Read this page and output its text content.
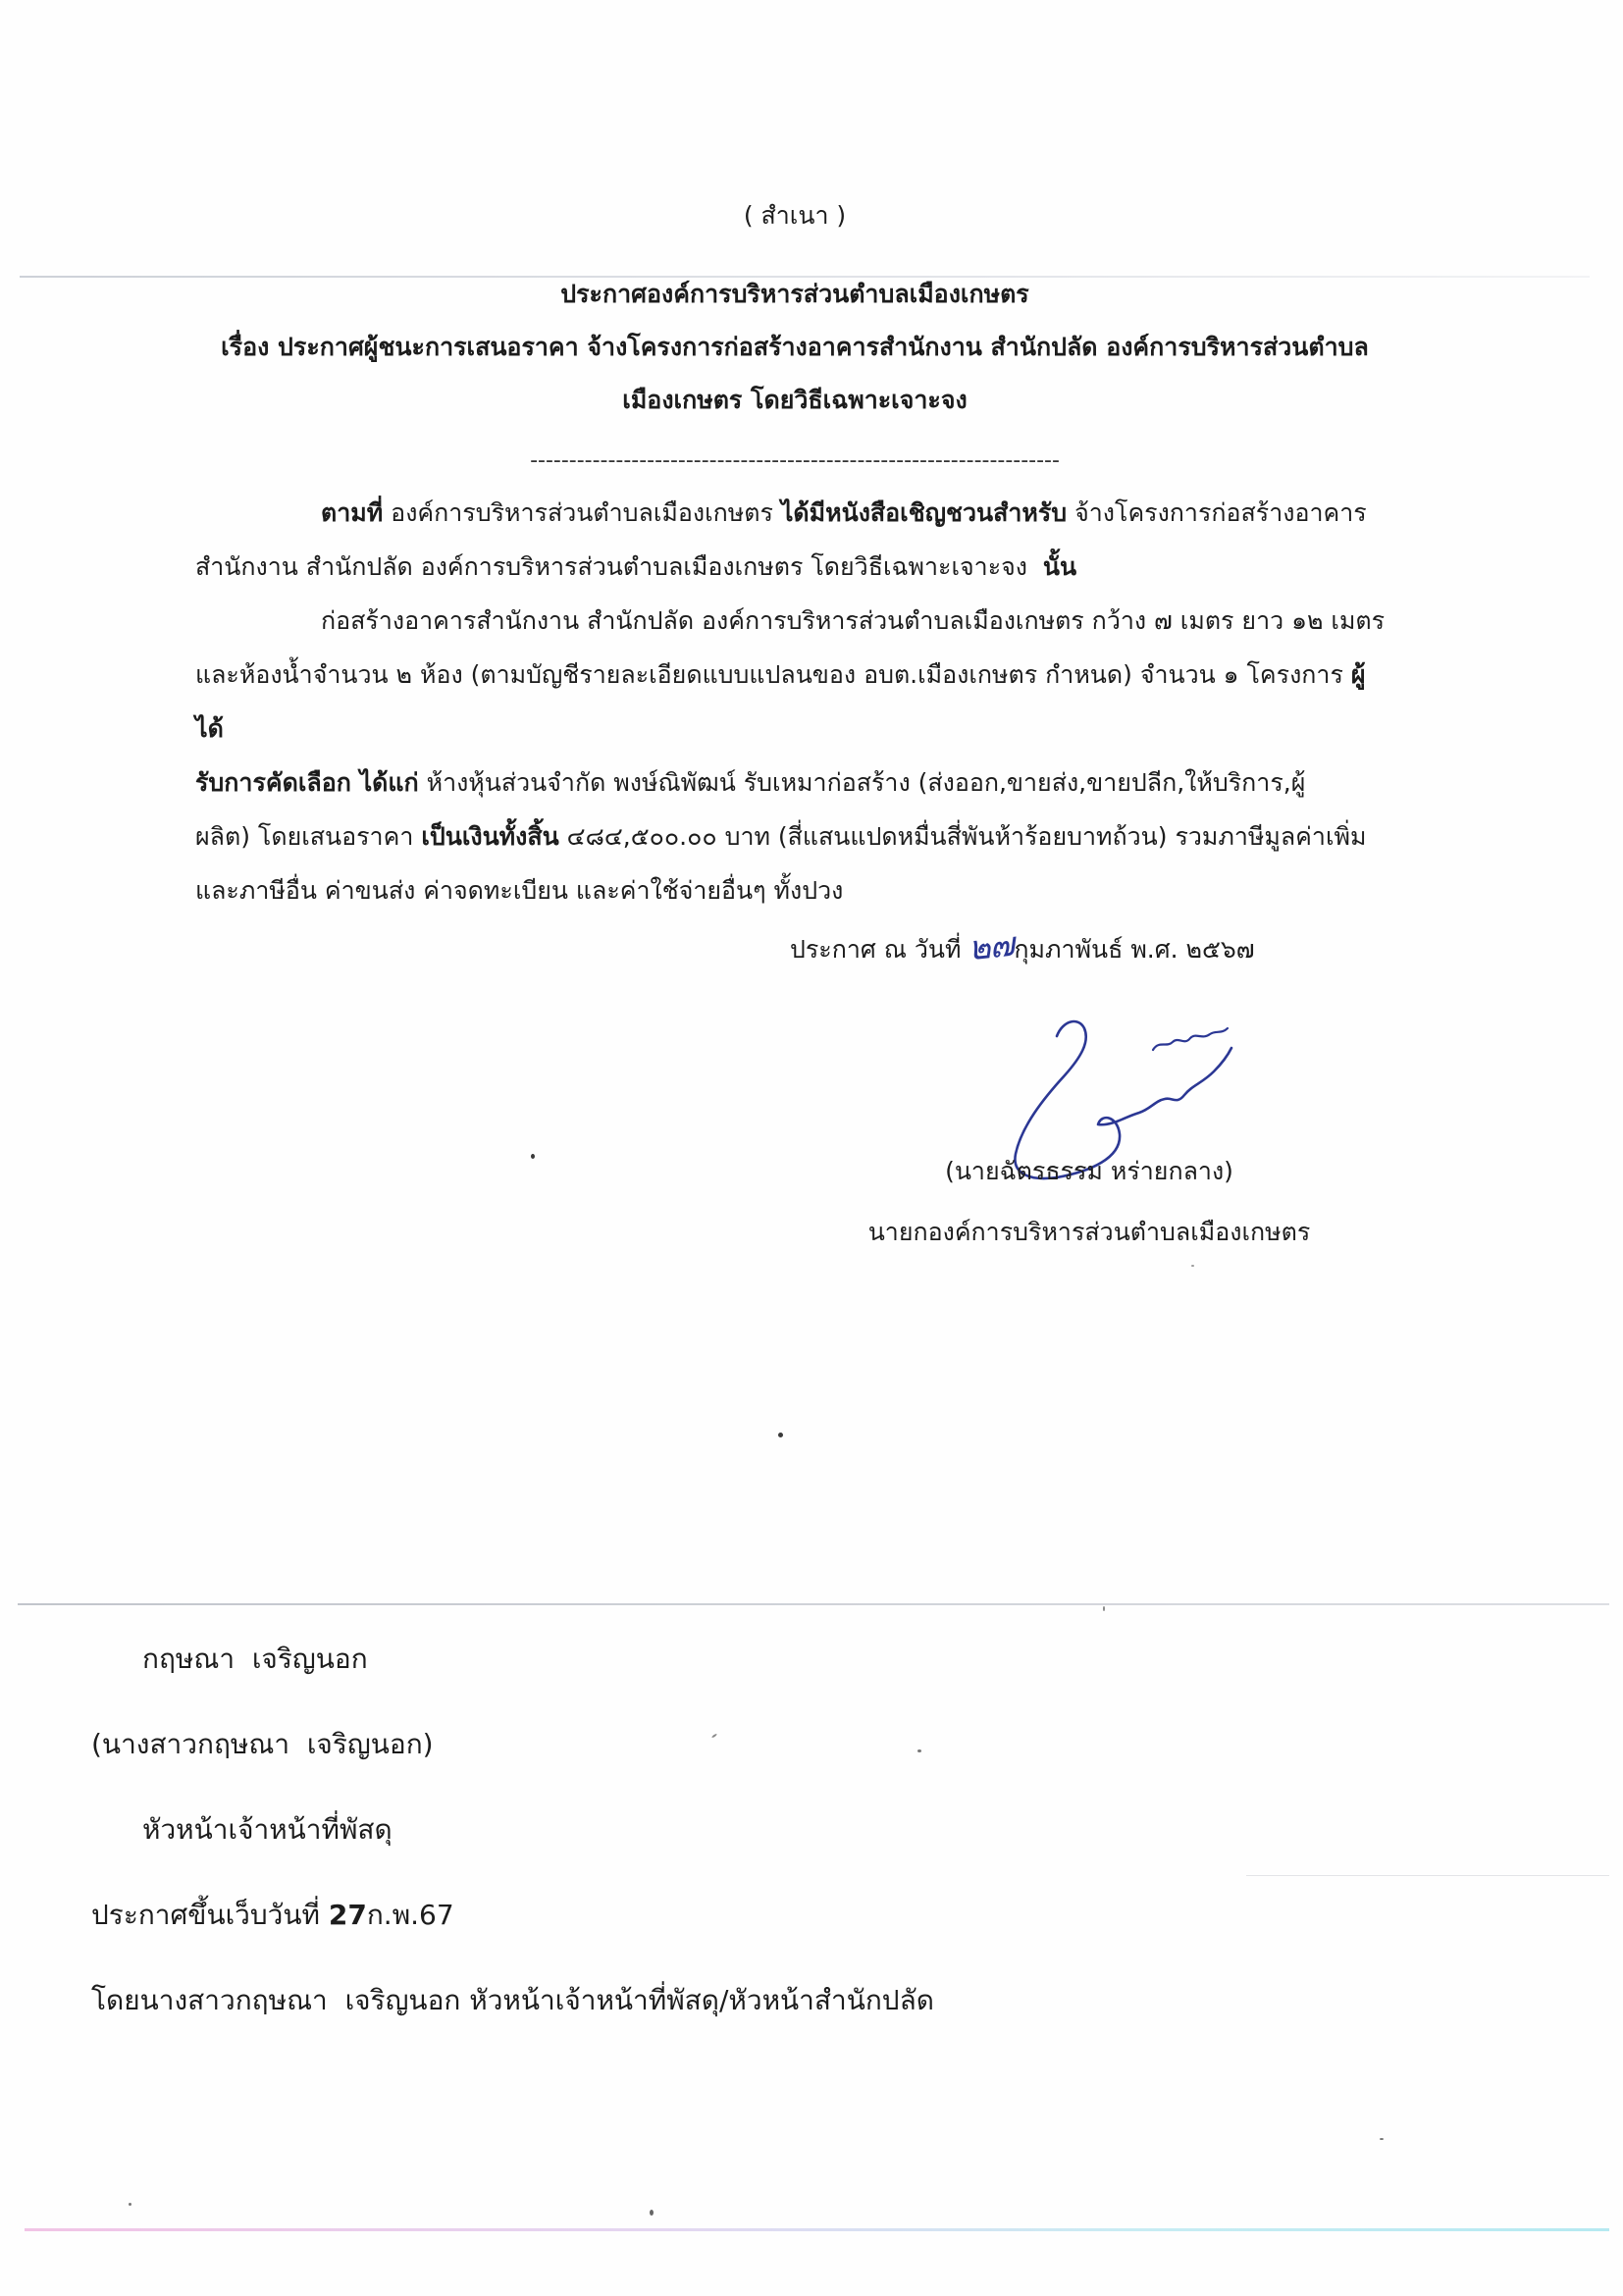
( สำเนา )
ประกาศองค์การบริหารส่วนตำบลเมืองเกษตร
เรื่อง ประกาศผู้ชนะการเสนอราคา จ้างโครงการก่อสร้างอาคารสำนักงาน สำนักปลัด องค์การบริหารส่วนตำบล
เมืองเกษตร โดยวิธีเฉพาะเจาะจง
--------------------------------------------------------------------
ตามที่ องค์การบริหารส่วนตำบลเมืองเกษตร ได้มีหนังสือเชิญชวนสำหรับ จ้างโครงการก่อสร้างอาคาร
สำนักงาน สำนักปลัด องค์การบริหารส่วนตำบลเมืองเกษตร โดยวิธีเฉพาะเจาะจง  นั้น
ก่อสร้างอาคารสำนักงาน สำนักปลัด องค์การบริหารส่วนตำบลเมืองเกษตร กว้าง ๗ เมตร ยาว ๑๒ เมตร
และห้องน้ำจำนวน ๒ ห้อง (ตามบัญชีรายละเอียดแบบแปลนของ อบต.เมืองเกษตร กำหนด) จำนวน ๑ โครงการ ผู้ได้
รับการคัดเลือก ได้แก่ ห้างหุ้นส่วนจำกัด พงษ์ณิพัฒน์ รับเหมาก่อสร้าง (ส่งออก,ขายส่ง,ขายปลีก,ให้บริการ,ผู้
ผลิต) โดยเสนอราคา เป็นเงินทั้งสิ้น ๔๘๔,๕๐๐.๐๐ บาท (สี่แสนแปดหมื่นสี่พันห้าร้อยบาทถ้วน) รวมภาษีมูลค่าเพิ่ม
และภาษีอื่น ค่าขนส่ง ค่าจดทะเบียน และค่าใช้จ่ายอื่นๆ ทั้งปวง
ประกาศ ณ วันที่ ๒๗กุมภาพันธ์ พ.ศ. ๒๕๖๗
(นายฉัตรธรรม หร่ายกลาง)
นายกองค์การบริหารส่วนตำบลเมืองเกษตร
กฤษณา  เจริญนอก
(นางสาวกฤษณา  เจริญนอก)
หัวหน้าเจ้าหน้าที่พัสดุ
ประกาศขึ้นเว็บวันที่ 27ก.พ.67
โดยนางสาวกฤษณา  เจริญนอก หัวหน้าเจ้าหน้าที่พัสดุ/หัวหน้าสำนักปลัด
